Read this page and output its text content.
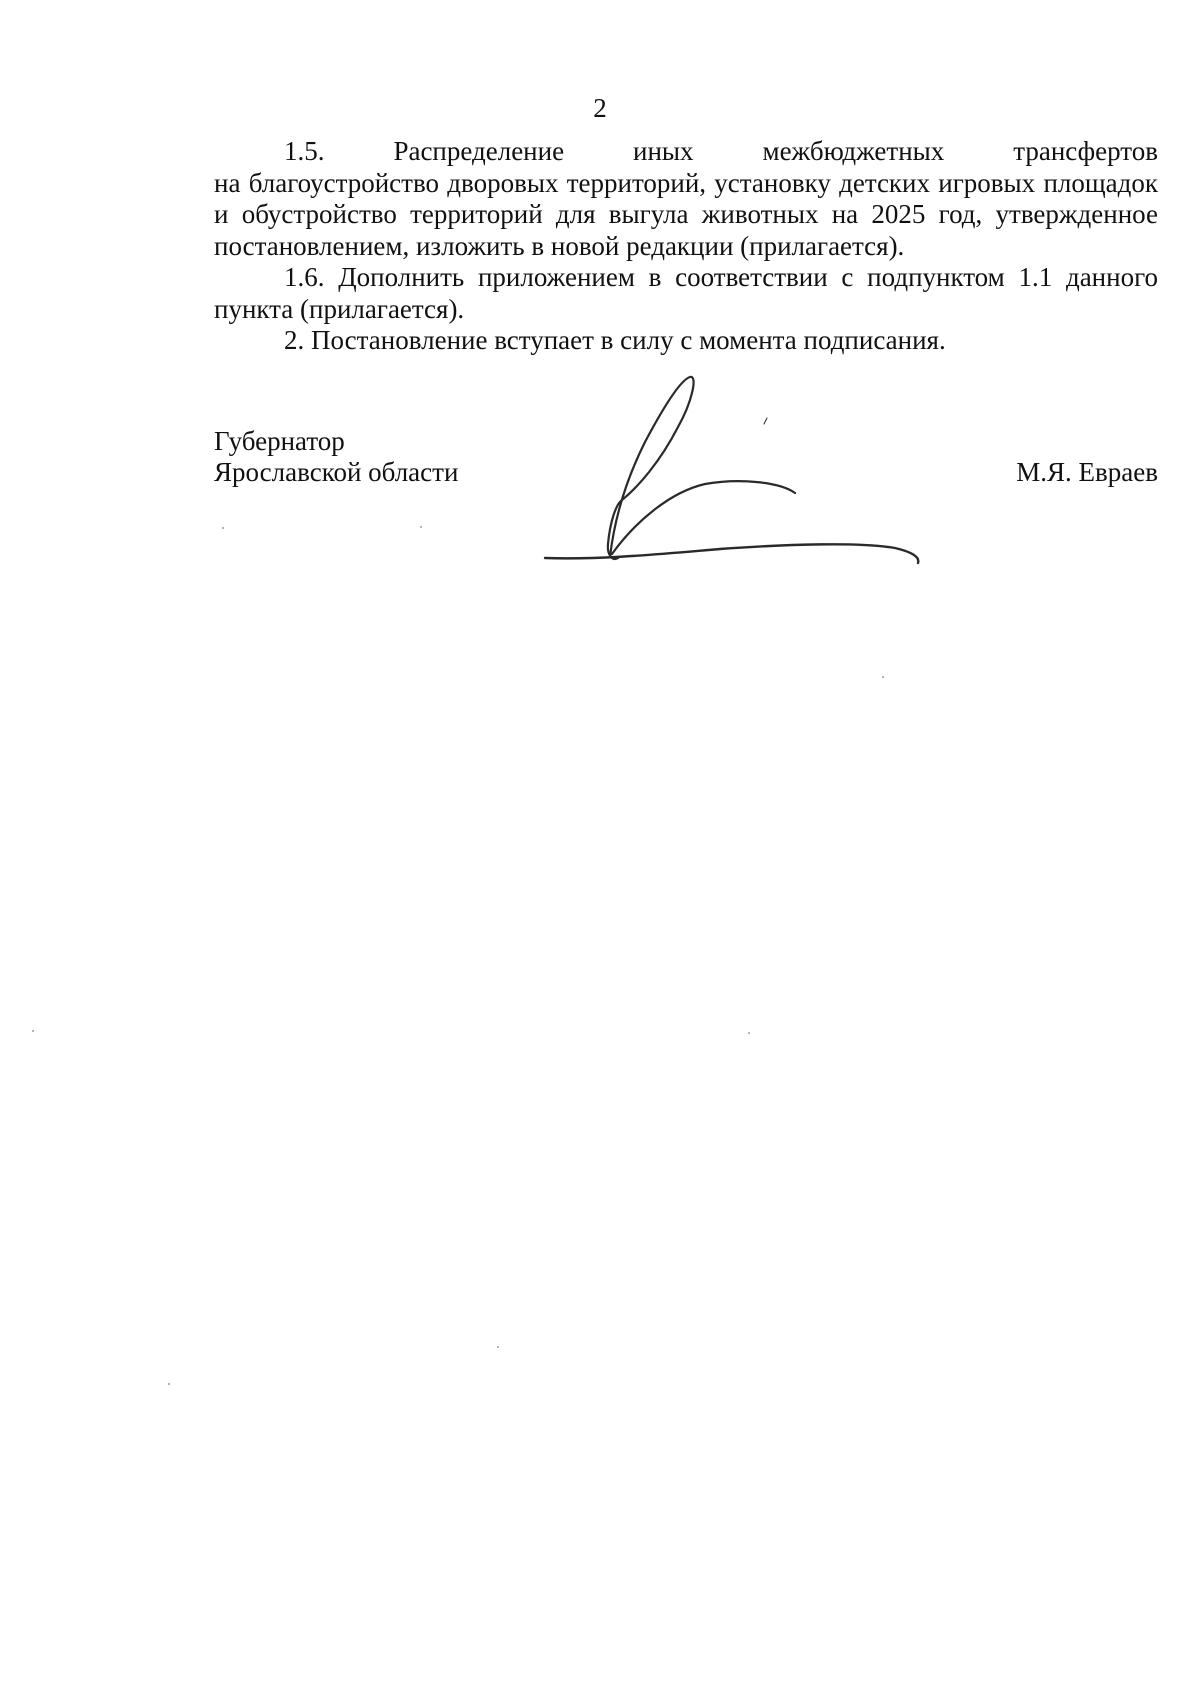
2
1.5.	Распределение	иных	межбюджетных	трансфертов

на благоустройство дворовых территорий, установку детских игровых площадок и обустройство территорий для выгула животных на 2025 год, утвержденное постановлением, изложить в новой редакции (прилагается).

1.6. Дополнить приложением в соответствии с подпунктом 1.1 данного пункта (прилагается).

2. Постановление вступает в силу с момента подписания.

Губернатор
Ярославской области	М.Я. Евраев
